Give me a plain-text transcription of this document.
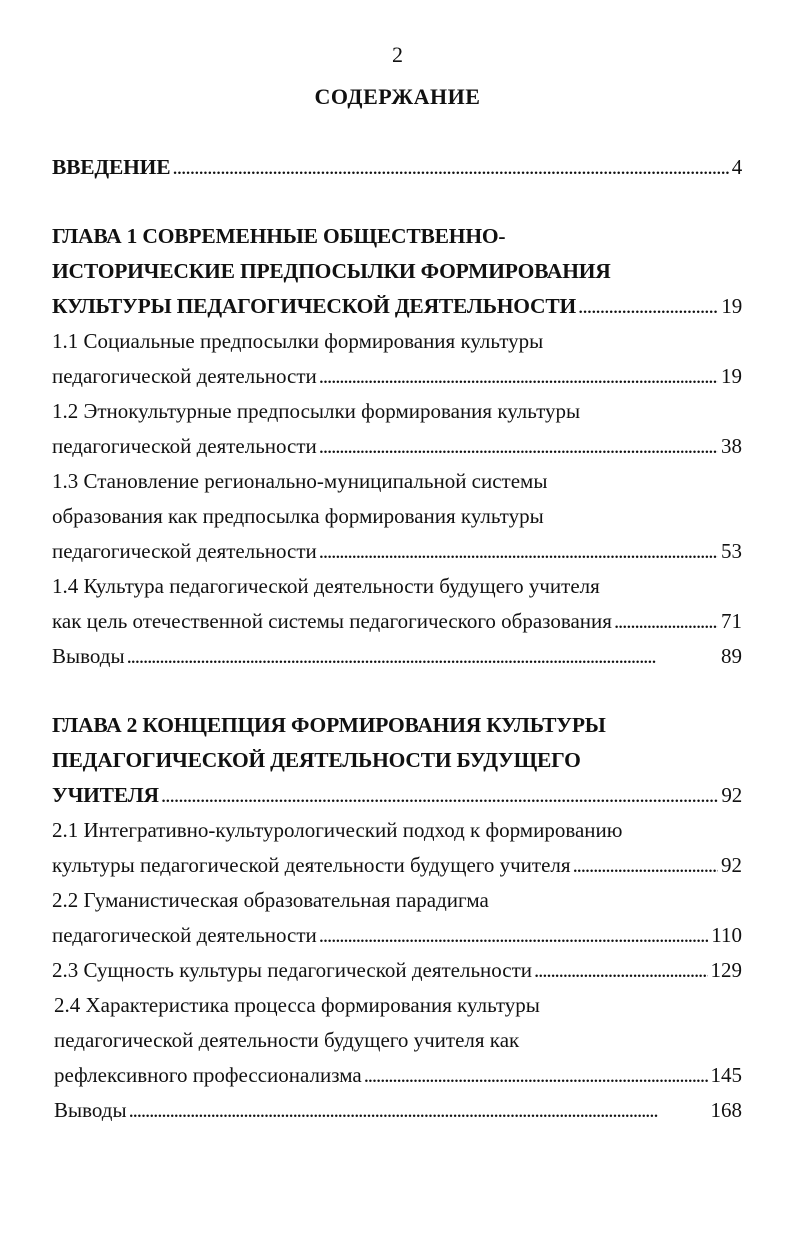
2
СОДЕРЖАНИЕ
ВВЕДЕНИЕ . . .	4
ГЛАВА 1 СОВРЕМЕННЫЕ ОБЩЕСТВЕННО-
ИСТОРИЧЕСКИЕ ПРЕДПОСЫЛКИ ФОРМИРОВАНИЯ
КУЛЬТУРЫ ПЕДАГОГИЧЕСКОЙ ДЕЯТЕЛЬНОСТИ . . .	19
1.1 Социальные предпосылки формирования культуры
педагогической деятельности . . .	19
1.2 Этнокультурные предпосылки формирования культуры
педагогической деятельности . . .	38
1.3 Становление регионально-муниципальной системы
образования как предпосылка формирования культуры
педагогической деятельности . . .	53
1.4 Культура педагогической деятельности будущего учителя
как цель отечественной системы педагогического образования . . .	71
Выводы . . .	89
ГЛАВА 2 КОНЦЕПЦИЯ ФОРМИРОВАНИЯ КУЛЬТУРЫ
ПЕДАГОГИЧЕСКОЙ ДЕЯТЕЛЬНОСТИ БУДУЩЕГО
УЧИТЕЛЯ . . .	92
2.1 Интегративно-культурологический подход к формированию
культуры педагогической деятельности будущего учителя . . .	92
2.2 Гуманистическая образовательная парадигма
педагогической деятельности . . .	110
2.3 Сущность культуры педагогической деятельности . . .	129
2.4 Характеристика процесса формирования культуры
педагогической деятельности будущего учителя как
рефлексивного профессионализма . . .	145
Выводы . . .	168
